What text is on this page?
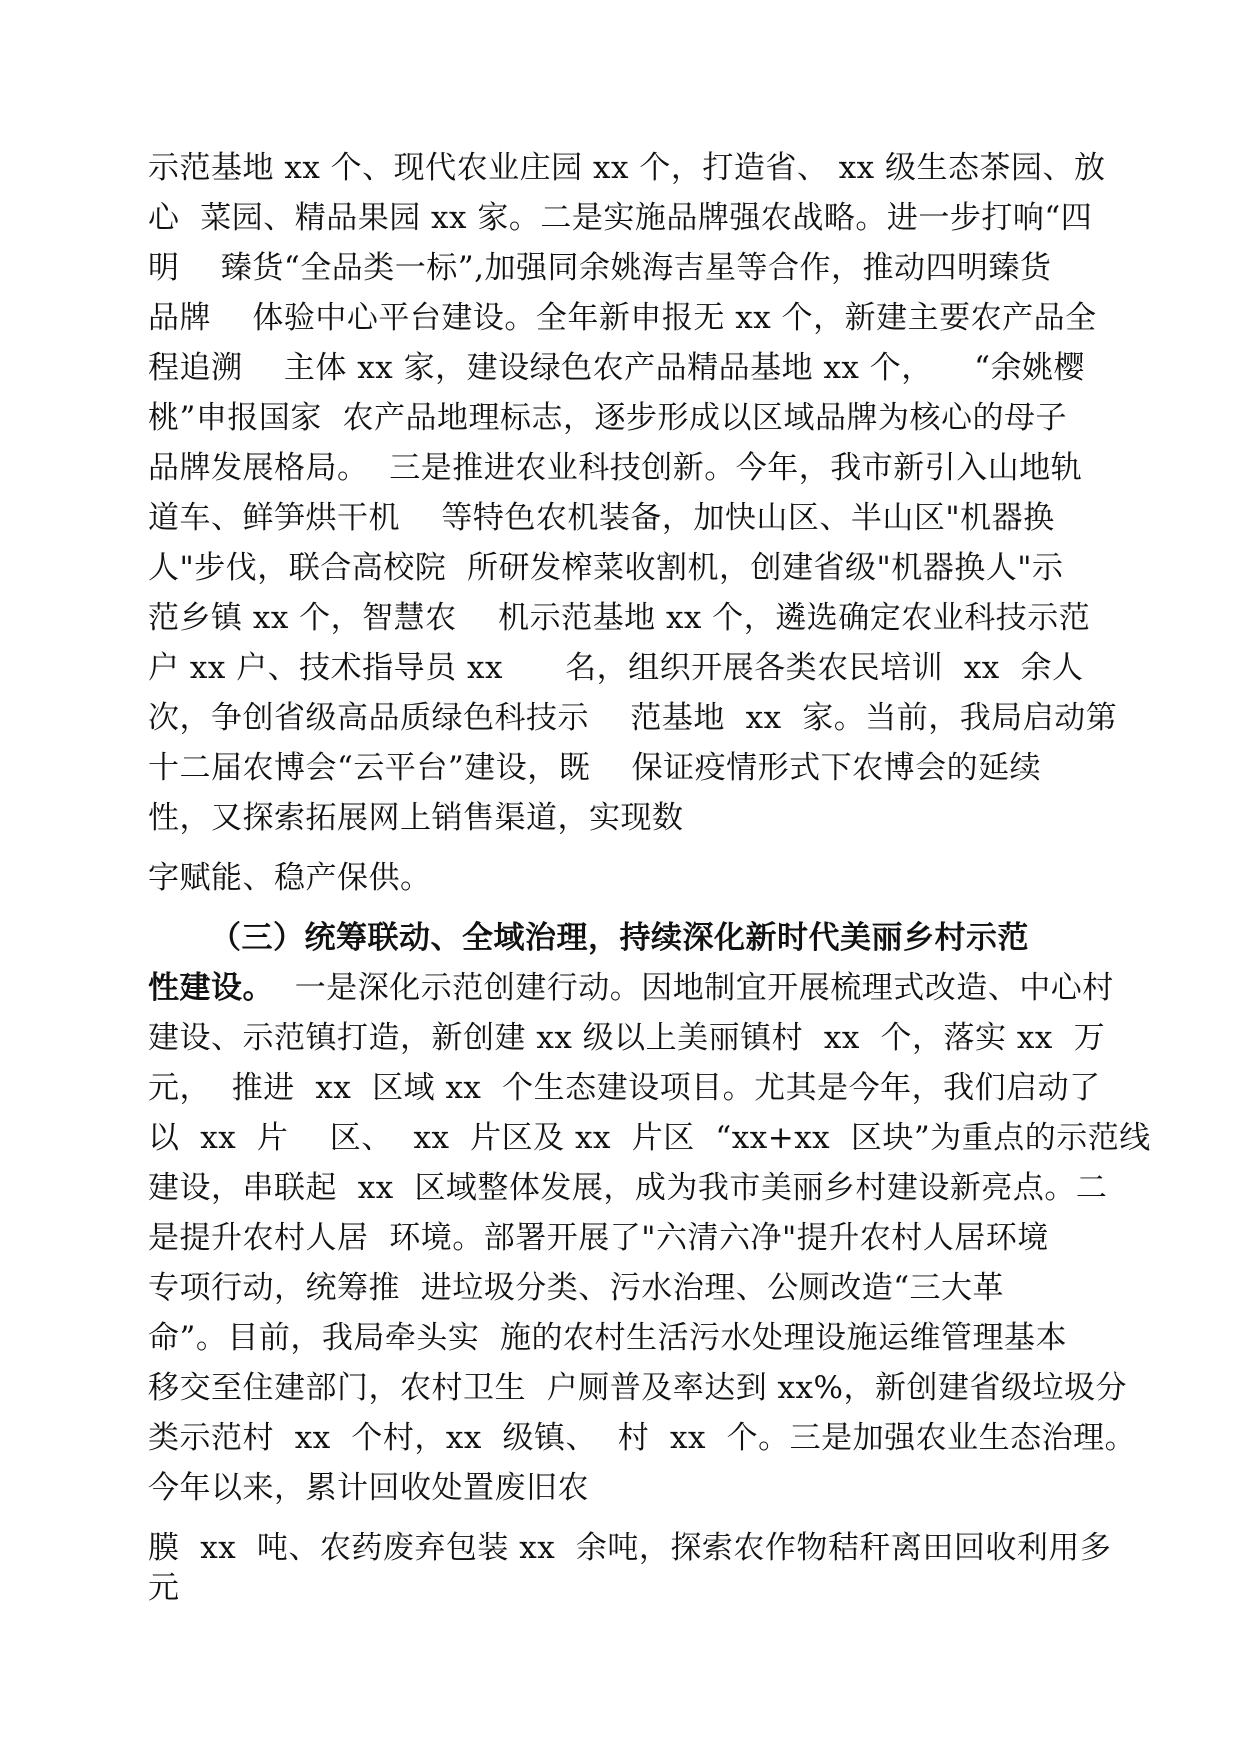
示范基地 xx 个、现代农业庄园 xx 个，打造省、 xx 级生态茶园、放
心  菜园、精品果园 xx 家。二是实施品牌强农战略。进一步打响“四
明    臻货“全品类一标”,加强同余姚海吉星等合作，推动四明臻货
品牌    体验中心平台建设。全年新申报无 xx 个，新建主要农产品全
程追溯    主体 xx 家，建设绿色农产品精品基地 xx 个，    “余姚樱
桃”申报国家  农产品地理标志，逐步形成以区域品牌为核心的母子
品牌发展格局。  三是推进农业科技创新。今年，我市新引入山地轨
道车、鲜笋烘干机    等特色农机装备，加快山区、半山区"机器换
人"步伐，联合高校院  所研发榨菜收割机，创建省级"机器换人"示
范乡镇 xx 个，智慧农    机示范基地 xx 个，遴选确定农业科技示范
户 xx 户、技术指导员 xx      名，组织开展各类农民培训  xx  余人
次，争创省级高品质绿色科技示    范基地  xx  家。当前，我局启动第
十二届农博会“云平台”建设，既    保证疫情形式下农博会的延续
性，又探索拓展网上销售渠道，实现数
字赋能、稳产保供。
（三）统筹联动、全域治理，持续深化新时代美丽乡村示范
性建设。  一是深化示范创建行动。因地制宜开展梳理式改造、中心村
建设、示范镇打造，新创建 xx 级以上美丽镇村  xx  个，落实 xx  万
元，  推进  xx  区域 xx  个生态建设项目。尤其是今年，我们启动了
以  xx  片    区、  xx  片区及 xx  片区  “xx+xx  区块”为重点的示范线
建设，串联起  xx  区域整体发展，成为我市美丽乡村建设新亮点。二
是提升农村人居  环境。部署开展了"六清六净"提升农村人居环境
专项行动，统筹推  进垃圾分类、污水治理、公厕改造“三大革
命”。目前，我局牵头实  施的农村生活污水处理设施运维管理基本
移交至住建部门，农村卫生  户厕普及率达到 xx%，新创建省级垃圾分
类示范村  xx  个村，xx  级镇、  村  xx  个。三是加强农业生态治理。
今年以来，累计回收处置废旧农
膜  xx  吨、农药废弃包装 xx  余吨，探索农作物秸秆离田回收利用多
元
